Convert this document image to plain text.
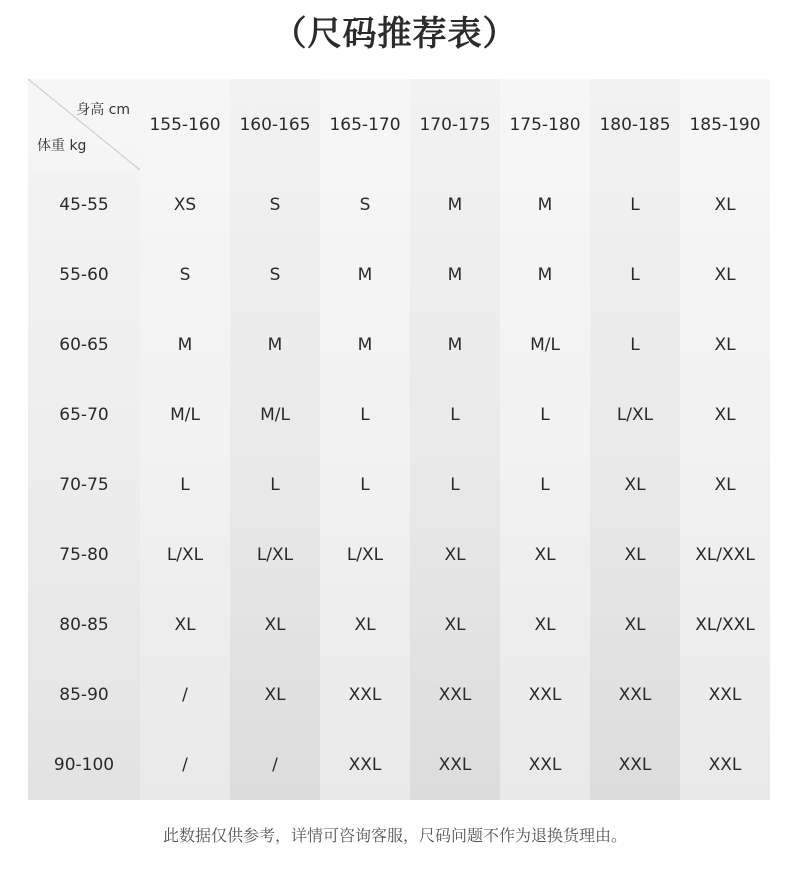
（尺码推荐表）
身高 cm
体重 kg	155-160	160-165	165-170	170-175	175-180	180-185	185-190
45-55	XS	S	S	M	M	L	XL
55-60	S	S	M	M	M	L	XL
60-65	M	M	M	M	M/L	L	XL
65-70	M/L	M/L	L	L	L	L/XL	XL
70-75	L	L	L	L	L	XL	XL
75-80	L/XL	L/XL	L/XL	XL	XL	XL	XL/XXL
80-85	XL	XL	XL	XL	XL	XL	XL/XXL
85-90	/	XL	XXL	XXL	XXL	XXL	XXL
90-100	/	/	XXL	XXL	XXL	XXL	XXL
此数据仅供参考，详情可咨询客服，尺码问题不作为退换货理由。
